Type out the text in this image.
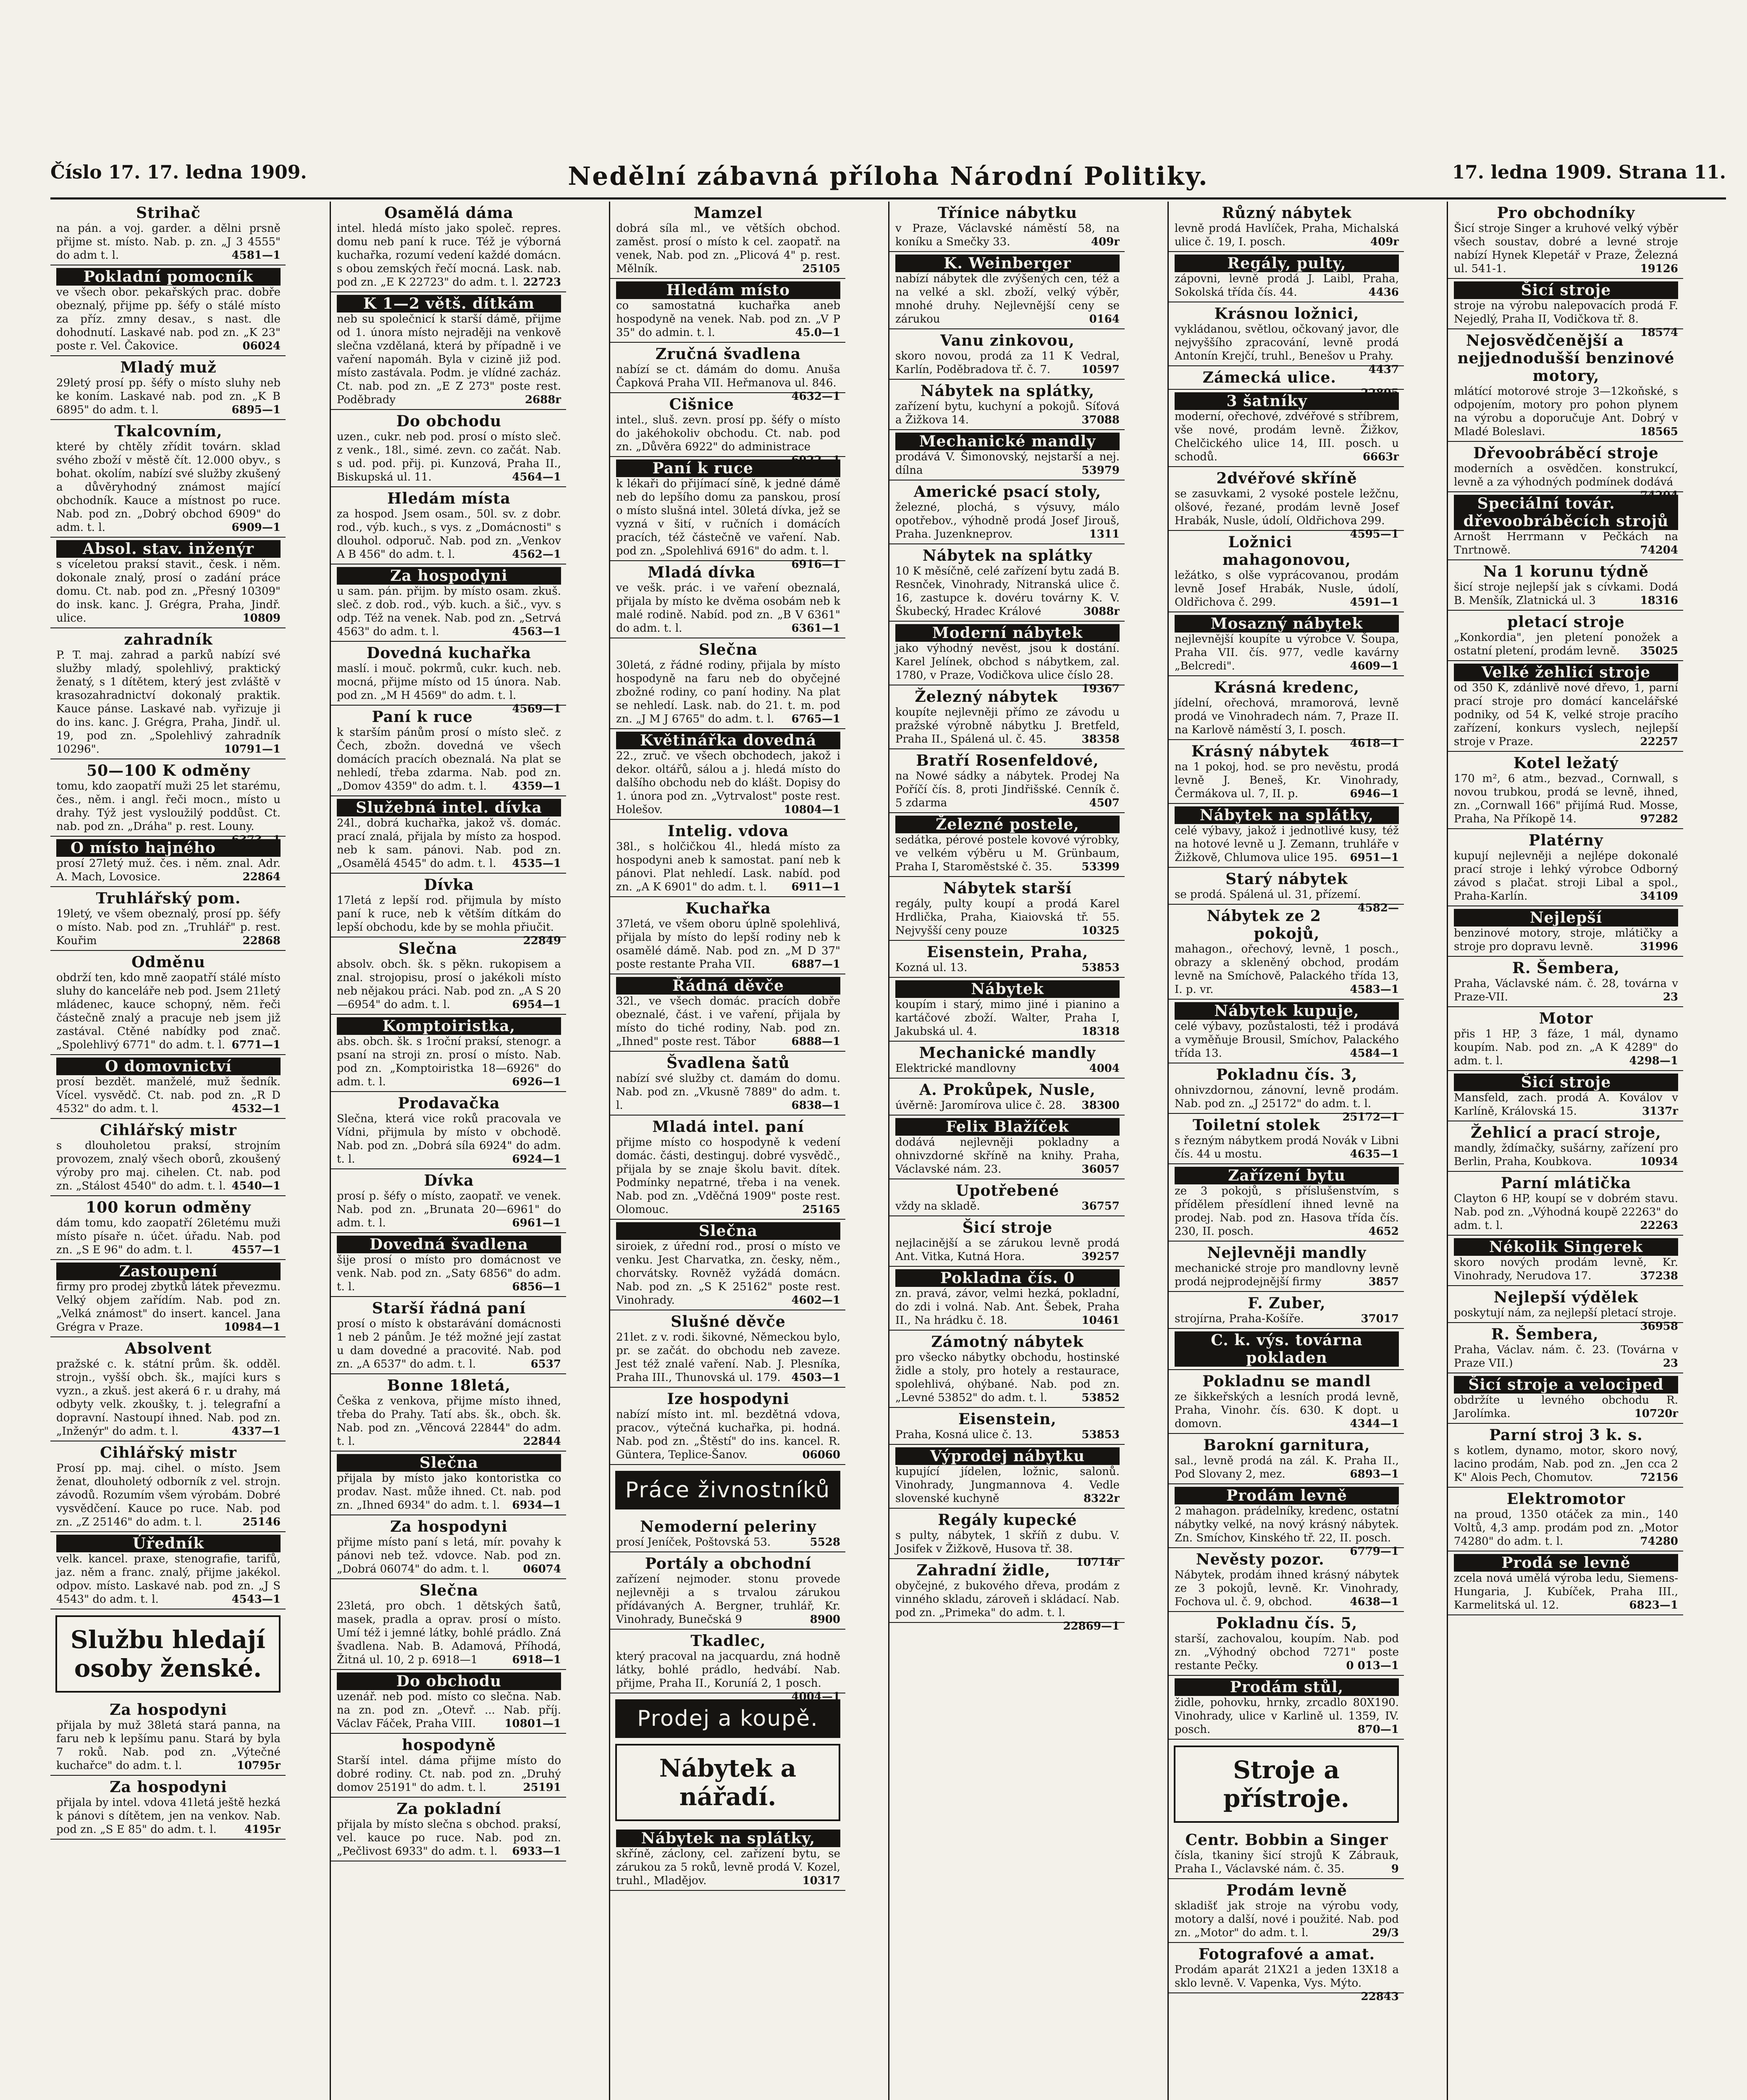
Číslo 17. 17. ledna 1909.	Nedělní zábavná příloha Národní Politiky.	17. ledna 1909. Strana 11.
Strihač
na pán. a voj. garder. a dělni prsně přijme st. místo. Nab. p. zn. „J 3 4555" do adm t. l.	4581—1
Pokladní pomocník
ve všech obor. pekařských prac. dobře obeznalý, přijme pp. šéfy o stálé místo za příz. zmny desav., s nast. dle dohodnutí. Laskavé nab. pod zn. „K 23" poste r. Vel. Čakovice.	06024
Mladý muž
29letý prosí pp. šéfy o místo sluhy neb ke koním. Laskavé nab. pod zn. „K B 6895" do adm. t. l.	6895—1
Tkalcovním,
které by chtěly zřídit továrn. sklad svého zboží v městě čít. 12.000 obyv., s bohat. okolím, nabízí své služby zkušený a důvěryhodný známost mající obchodník. Kauce a místnost po ruce. Nab. pod zn. „Dobrý obchod 6909" do adm. t. l.	6909—1
Absol. stav. inženýr
s víceletou praksí stavit., česk. i něm. dokonale znalý, prosí o zadání práce domu. Ct. nab. pod zn. „Přesný 10309" do insk. kanc. J. Grégra, Praha, Jindř. ulice.	10809
zahradník
P. T. maj. zahrad a parků nabízí své služby mladý, spolehlivý, praktický ženatý, s 1 dítětem, který jest zvláště v krasozahradnictví dokonalý praktik. Kauce pánse. Laskavé nab. vyřizuje ji do ins. kanc. J. Grégra, Praha, Jindř. ul. 19, pod zn. „Spolehlivý zahradník 10296".	10791—1
50—100 K odměny
tomu, kdo zaopatří muži 25 let starému, čes., něm. i angl. řeči mocn., místo u drahy. Týž jest vysloužilý poddůst. Ct. nab. pod zn. „Dráha" p. rest. Louny.
6373—1
O místo hajného
prosí 27letý muž. čes. i něm. znal. Adr. A. Mach, Lovosice.	22864
Truhlářský pom.
19letý, ve všem obeznalý, prosí pp. šéfy o místo. Nab. pod zn. „Truhlář" p. rest. Kouřim	22868
Odměnu
obdrží ten, kdo mně zaopatří stálé místo sluhy do kanceláře neb pod. Jsem 21letý mládenec, kauce schopný, něm. řeči částečně znalý a pracuje neb jsem již zastával. Ctěné nabídky pod znač. „Spolehlivý 6771" do adm. t. l. 6771—1
O domovnictví
prosí bezdět. manželé, muž šedník. Vícel. vysvědč. Ct. nab. pod zn. „R D 4532" do adm. t. l.	4532—1
Cihlářský mistr
s dlouholetou praksí, strojním provozem, znalý všech oborů, zkoušený výroby pro maj. cihelen. Ct. nab. pod zn. „Stálost 4540" do adm. t. l. 4540—1
100 korun odměny
dám tomu, kdo zaopatří 26letému muži místo písaře n. účet. úřadu. Nab. pod zn. „S E 96" do adm. t. l.	4557—1
Zastoupení
firmy pro prodej zbytků látek převezmu. Velký objem zařídím. Nab. pod zn. „Velká známost" do insert. kancel. Jana Grégra v Praze.	10984—1
Absolvent
pražské c. k. státní prům. šk. odděl. strojn., vyšší obch. šk., majíci kurs s vyzn., a zkuš. jest akerá 6 r. u drahy, má odbyty velk. zkoušky, t. j. telegrafní a dopravní. Nastoupí ihned. Nab. pod zn. „Inženýr" do adm. t. l.	4337—1
Cihlářský mistr
Prosí pp. maj. cihel. o místo. Jsem ženat, dlouholetý odborník z vel. strojn. závodů. Rozumím všem výrobám. Dobré vysvědčení. Kauce po ruce. Nab. pod zn. „Z 25146" do adm. t. l.	25146
Úředník
velk. kancel. praxe, stenografie, tarifů, jaz. něm a franc. znalý, přijme jakékol. odpov. místo. Laskavé nab. pod zn. „J S 4543" do adm. t. l.	4543—1
Službu hledají osoby ženské.
Za hospodyni
přijala by muž 38letá stará panna, na faru neb k lepšímu panu. Stará by byla 7 roků. Nab. pod zn. „Výtečné kuchařce" do adm. t. l.	10795r
Za hospodyni
přijala by intel. vdova 41letá ještě hezká k pánovi s dítětem, jen na venkov. Nab. pod zn. „S E 85" do adm. t. l.	4195r
Osamělá dáma
intel. hledá místo jako společ. repres. domu neb paní k ruce. Též je výborná kuchařka, rozumí vedení každé domácn. s obou zemských řečí mocná. Lask. nab. pod zn. „E K 22723" do adm. t. l. 22723
K 1—2 větš. dítkám
neb su společnicí k starší dámě, přijme od 1. února místo nejraději na venkově slečna vzdělaná, která by případně i ve vaření napomáh. Byla v cizině již pod. místo zastávala. Podm. je vlídné zacház. Ct. nab. pod zn. „E Z 273" poste rest. Poděbrady	2688r
Do obchodu
uzen., cukr. neb pod. prosí o místo sleč. z venk., 18l., simé. zevn. co začát. Nab. s ud. pod. přij. pi. Kunzová, Praha II., Biskupská ul. 11.	4564—1
Hledám místa
za hospod. Jsem osam., 50l. sv. z dobr. rod., výb. kuch., s vys. z „Domácnosti" s dlouhol. odporuč. Nab. pod zn. „Venkov A B 456" do adm. t. l.	4562—1
Za hospodyni
u sam. pán. přijm. by místo osam. zkuš. sleč. z dob. rod., výb. kuch. a šič., vyv. s odp. Též na venek. Nab. pod zn. „Setrvá 4563" do adm. t. l.	4563—1
Dovedná kuchařka
maslí. i mouč. pokrmů, cukr. kuch. neb. mocná, přijme místo od 15 února. Nab. pod zn. „M H 4569" do adm. t. l.
4569—1
Paní k ruce
k starším pánům prosí o místo sleč. z Čech, zbožn. dovedná ve všech domácích pracích obeznalá. Na plat se nehledí, třeba zdarma. Nab. pod zn. „Domov 4359" do adm. t. l.	4359—1
Služebná intel. dívka
24l., dobrá kuchařka, jakož vš. domác. prací znalá, přijala by místo za hospod. neb k sam. pánovi. Nab. pod zn. „Osamělá 4545" do adm. t. l.	4535—1
Dívka
17letá z lepší rod. přijmula by místo paní k ruce, neb k větším dítkám do lepší obchodu, kde by se mohla přiučit.
22849
Slečna
absolv. obch. šk. s pěkn. rukopisem a znal. strojopisu, prosí o jakékoli místo neb nějakou práci. Nab. pod zn. „A S 20—6954" do adm. t. l.	6954—1
Komptoiristka,
abs. obch. šk. s 1roční praksí, stenogr. a psaní na stroji zn. prosí o místo. Nab. pod zn. „Komptoiristka 18—6926" do adm. t. l.	6926—1
Prodavačka
Slečna, která vice roků pracovala ve Vídni, přijmula by místo v obchodě. Nab. pod zn. „Dobrá síla 6924" do adm. t. l.	6924—1
Dívka
prosí p. šéfy o místo, zaopatř. ve venek. Nab. pod zn. „Brunata 20—6961" do adm. t. l.	6961—1
Dovedná švadlena
šije prosí o místo pro domácnost ve venk. Nab. pod zn. „Saty 6856" do adm. t. l.	6856—1
Starší řádná paní
prosí o místo k obstarávání domácnosti 1 neb 2 pánům. Je též možné její zastat u dam dovedné a pracovité. Nab. pod zn. „A 6537" do adm. t. l.	6537
Bonne 18letá,
Češka z venkova, přijme místo ihned, třeba do Prahy. Tatí abs. šk., obch. šk. Nab. pod zn. „Věncová 22844" do adm. t. l.	22844
Slečna
přijala by místo jako kontoristka co prodav. Nast. může ihned. Ct. nab. pod zn. „Ihned 6934" do adm. t. l.	6934—1
Za hospodyni
přijme místo paní s letá, mír. povahy k pánovi neb tež. vdovce. Nab. pod zn. „Dobrá 06074" do adm. t. l.	06074
Slečna
23letá, pro obch. 1 dětských šatů, masek, pradla a oprav. prosí o místo. Umí též i jemné látky, bohlé prádlo. Zná švadlena. Nab. B. Adamová, Příhodá, Žitná ul. 10, 2 p. 6918—1	6918—1
Do obchodu
uzenář. neb pod. místo co slečna. Nab. na zn. pod zn. „Otevř. ... Nab. příj. Václav Fáček, Praha VIII.	10801—1
hospodyně
Starší intel. dáma přijme místo do dobré rodiny. Ct. nab. pod zn. „Druhý domov 25191" do adm. t. l.	25191
Za pokladní
přijala by místo slečna s obchod. praksí, vel. kauce po ruce. Nab. pod zn. „Pečlivost 6933" do adm. t. l.	6933—1
Mamzel
dobrá síla ml., ve větších obchod. zaměst. prosí o místo k cel. zaopatř. na venek, Nab. pod zn. „Plicová 4" p. rest. Mělník.	25105
Hledám místo
co samostatná kuchařka aneb hospodyně na venek. Nab. pod zn. „V P 35" do admin. t. l.	45.0—1
Zručná švadlena
nabízí se ct. dámám do domu. Anuša Čapková Praha VII. Heřmanova ul. 846.
4632—1
Cišnice
intel., sluš. zevn. prosí pp. šéfy o místo do jakéhokoliv obchodu. Ct. nab. pod zn. „Důvěra 6922" do administrace
6922—1
Paní k ruce
k lékaři do přijímací síně, k jedné dámě neb do lepšího domu za panskou, prosí o místo slušná intel. 30letá dívka, jež se vyzná v šití, v ručních i domácích pracích, též částečně ve vaření. Nab. pod zn. „Spolehlivá 6916" do adm. t. l.
6916—1
Mladá dívka
ve vešk. prác. i ve vaření obeznalá, přijala by místo ke dvěma osobám neb k malé rodině. Nabíd. pod zn. „B V 6361" do adm. t. l.	6361—1
Slečna
30letá, z řádné rodiny, přijala by místo hospodyně na faru neb do obyčejné zbožné rodiny, co paní hodiny. Na plat se nehledí. Lask. nab. do 21. t. m. pod zn. „J M J 6765" do adm. t. l.	6765—1
Květinářka dovedná
22., zruč. ve všech obchodech, jakož i dekor. oltářů, sálou a j. hledá místo do dalšího obchodu neb do klášt. Dopisy do 1. února pod zn. „Vytrvalost" poste rest. Holešov.	10804—1
Intelig. vdova
38l., s holčičkou 4l., hledá místo za hospodyni aneb k samostat. paní neb k pánovi. Plat nehledí. Lask. nabíd. pod zn. „A K 6901" do adm. t. l.	6911—1
Kuchařka
37letá, ve všem oboru úplně spolehlivá, přijala by místo do lepší rodiny neb k osamělé dámě. Nab. pod zn. „M D 37" poste restante Praha VII.	6887—1
Řádná děvče
32l., ve všech domác. pracích dobře obeznalé, část. i ve vaření, přijala by místo do tiché rodiny, Nab. pod zn. „Ihned" poste rest. Tábor	6888—1
Švadlena šatů
nabízí své služby ct. damám do domu. Nab. pod zn. „Vkusně 7889" do adm. t. l.	6838—1
Mladá intel. paní
přijme místo co hospodyně k vedení domác. části, destinguj. dobré vysvědč., přijala by se znaje školu bavit. dítek. Podmínky nepatrné, třeba i na venek. Nab. pod zn. „Vděčná 1909" poste rest. Olomouc.	25165
Slečna
siroiek, z úřední rod., prosí o místo ve venku. Jest Charvatka, zn. česky, něm., chorvátsky. Rovněž vyžádá domácn. Nab. pod zn. „S K 25162" poste rest. Vinohrady.	4602—1
Slušné děvče
21let. z v. rodi. šikovné, Německou bylo, pr. se začát. do obchodu neb zaveze. Jest též znalé vaření. Nab. J. Plesníka, Praha III., Thunovská ul. 179. 4503—1
Ize hospodyni
nabízí místo int. ml. bezdětná vdova, pracov., výtečná kuchařka, pi. hodná. Nab. pod zn. „Štěstí" do ins. kancel. R. Güntera, Teplice-Šanov.	06060
Práce živnostníků
Nemoderní peleriny
prosí Jeníček, Poštovská 53.	5528
Portály a obchodní
zařízení nejmoder. stonu provede nejlevněji a s trvalou zárukou přídávaných A. Bergner, truhlář, Kr. Vinohrady, Bunečská 9	8900
Tkadlec,
který pracoval na jacquardu, zná hodně látky, bohlé prádlo, hedvábí. Nab. přijme, Praha II., Koruníá 2, 1 posch.
4004—1
Prodej a koupě.
Nábytek a nářadí.
Nábytek na splátky,
skříně, záclony, cel. zařízení bytu, se zárukou za 5 roků, levně prodá V. Kozel, truhl., Mladějov.	10317
Třínice nábytku
v Praze, Václavské náměstí 58, na koníku a Smečky 33.	409r
K. Weinberger
nabízí nábytek dle zvýšených cen, též a na velké a skl. zboží, velký výběr, mnohé druhy. Nejlevnější ceny se zárukou	0164
Vanu zinkovou,
skoro novou, prodá za 11 K Vedral, Karlín, Poděbradova tř. č. 7.	10597
Nábytek na splátky,
zařízení bytu, kuchyní a pokojů. Síťová a Žižkova 14.	37088
Mechanické mandly
prodává V. Šimonovský, nejstarší a nej. dílna	53979
Americké psací stoly,
železné, plochá, s výsuvy, málo opotřebov., výhodně prodá Josef Jirouš, Praha. Juzenkneprov.	1311
Nábytek na splátky
10 K měsíčně, celé zařízení bytu zadá B. Resnček, Vinohrady, Nitranská ulice č. 16, zastupce k. dovéru továrny K. V. Škubecký, Hradec Králové	3088r
Moderní nábytek
jako výhodný nevěst, jsou k dostání. Karel Jelínek, obchod s nábytkem, zal. 1780, v Praze, Vodičkova ulice číslo 28.
19367
Železný nábytek
koupíte nejlevněji přímo ze závodu u pražské výrobně nábytku J. Bretfeld, Praha II., Spálená ul. č. 45.	38358
Bratří Rosenfeldové,
na Nowé sádky a nábytek. Prodej Na Poříčí čís. 8, proti Jindřišské. Cenník č. 5 zdarma	4507
Železné postele,
sedátka, pérové postele kovové výrobky, ve velkém výběru u M. Grünbaum, Praha I, Staroměstské č. 35.	53399
Nábytek starší
regály, pulty koupí a prodá Karel Hrdlička, Praha, Kiaiovská tř. 55. Nejvyšší ceny pouze	10325
Eisenstein, Praha,
Kozná ul. 13.	53853
Nábytek
koupím i starý, mimo jiné i pianino a kartáčové zboží. Walter, Praha I, Jakubská ul. 4.	18318
Mechanické mandly
Elektrické mandlovny	4004
A. Prokůpek, Nusle,
úvěrně: Jaromírova ulice č. 28.	38300
Felix Blažíček
dodává nejlevněji pokladny a ohnivzdorné skříně na knihy. Praha, Václavské nám. 23.	36057
Upotřebené
vždy na skladě.	36757
Šicí stroje
nejlacinější a se zárukou levně prodá Ant. Vitka, Kutná Hora.	39257
Pokladna čís. 0
zn. pravá, závor, velmi hezká, pokladní, do zdi i volná. Nab. Ant. Šebek, Praha II., Na hrádku č. 18.	10461
Zámotný nábytek
pro všecko nábytky obchodu, hostinské židle a stoly, pro hotely a restaurace, spolehlivá, ohýbané. Nab. pod zn. „Levné 53852" do adm. t. l.	53852
Eisenstein,
Praha, Kosná ulice č. 13.	53853
Výprodej nábytku
kupující jídelen, ložnic, salonů. Vinohrady, Jungmannova 4. Vedle slovenské kuchyně	8322r
Regály kupecké
s pulty, nábytek, 1 skříň z dubu. V. Josifek v Žižkově, Husova tř. 38.
10714r
Zahradní židle,
obyčejné, z bukového dřeva, prodám z vinného skladu, zároveň i skládací. Nab. pod zn. „Primeka" do adm. t. l.
22869—1
Různý nábytek
levně prodá Havlíček, Praha, Michalská ulice č. 19, I. posch.	409r
Regály, pulty,
zápovni, levně prodá J. Laibl, Praha, Sokolská třída čís. 44.	4436
Krásnou ložnici,
vykládanou, světlou, očkovaný javor, dle nejvyššího zpracování, levně prodá Antonín Krejčí, truhl., Benešov u Prahy.
4437
Zámecká ulice.
22805
3 šatníky
moderní, ořechové, zdvéřové s stříbrem, vše nové, prodám levně. Žižkov, Chelčického ulice 14, III. posch. u schodů.	6663r
2dvéřové skříně
se zasuvkami, 2 vysoké postele ležčnu, olšové, řezané, prodám levně Josef Hrabák, Nusle, údolí, Oldřichova 299.
4595—1
Ložnici mahagonovou,
ležátko, s olše vyprácovanou, prodám levně Josef Hrabák, Nusle, údolí, Oldřichova č. 299.	4591—1
Mosazný nábytek
nejlevnější koupíte u výrobce V. Šoupa, Praha VII. čís. 977, vedle kavárny „Belcredi".	4609—1
Krásná kredenc,
jídelní, ořechová, mramorová, levně prodá ve Vinohradech nám. 7, Praze II. na Karlově náměstí 3, I. posch.
4618—1
Krásný nábytek
na 1 pokoj, hod. se pro nevěstu, prodá levně J. Beneš, Kr. Vinohrady, Čermákova ul. 7, II. p.	6946—1
Nábytek na splátky,
celé výbavy, jakož i jednotlivé kusy, též na hotové levně u J. Zemann, truhláře v Žižkově, Chlumova ulice 195.	6951—1
Starý nábytek
se prodá. Spálená ul. 31, přízemí.
4582—
Nábytek ze 2 pokojů,
mahagon., ořechový, levně, 1 posch., obrazy a skleněný obchod, prodám levně na Smíchově, Palackého třída 13, I. p. vr.	4583—1
Nábytek kupuje,
celé výbavy, pozůstalosti, též i prodává a vyměňuje Brousil, Smíchov, Palackého třída 13.	4584—1
Pokladnu čís. 3,
ohnivzdornou, zánovní, levně prodám. Nab. pod zn. „J 25172" do adm. t. l.
25172—1
Toiletní stolek
s řezným nábytkem prodá Novák v Libni čís. 44 u mostu.	4635—1
Zařízení bytu
ze 3 pokojů, s příslušenstvím, s přídělem přesídlení ihned levně na prodej. Nab. pod zn. Hasova třída čís. 230, II. posch.	4652
Nejlevněji mandly
mechanické stroje pro mandlovny levně prodá nejprodejnější firmy	3857
F. Zuber,
strojírna, Praha-Košíře.	37017
C. k. výs. továrna pokladen
Pokladnu se mandl
ze šikkeřských a lesních prodá levně, Praha, Vinohr. čís. 630. K dopt. u domovn.	4344—1
Barokní garnitura,
sal., levně prodá na zál. K. Praha II., Pod Slovany 2, mez.	6893—1
Prodám levně
2 mahagon. prádelníky, kredenc, ostatní nábytky velké, na nový krásný nábytek. Zn. Smíchov, Kinského tř. 22, II. posch.
6779—1
Nevěsty pozor.
Nábytek, prodám ihned krásný nábytek ze 3 pokojů, levně. Kr. Vinohrady, Fochova ul. č. 9, obchod.	4638—1
Pokladnu čís. 5,
starší, zachovalou, koupím. Nab. pod zn. „Výhodný obchod 7271" poste restante Pečky.	0 013—1
Prodám stůl,
židle, pohovku, hrnky, zrcadlo 80X190. Vinohrady, ulice v Karlině ul. 1359, IV. posch.	870—1
Stroje a přístroje.
Centr. Bobbin a Singer
čísla, tkaniny šicí strojů K Zábrauk, Praha I., Václavské nám. č. 35.	9
Prodám levně
skladišť jak stroje na výrobu vody, motory a další, nové i použité. Nab. pod zn. „Motor" do adm. t. l.	29/3
Fotografové a amat.
Prodám aparát 21X21 a jeden 13X18 a sklo levně. V. Vapenka, Vys. Mýto.
22843
Pro obchodníky
Šicí stroje Singer a kruhové velký výběr všech soustav, dobré a levné stroje nabízí Hynek Klepetář v Praze, Železná ul. 541-1.	19126
Šicí stroje
stroje na výrobu nalepovacích prodá F. Nejedlý, Praha II, Vodičkova tř. 8.
18574
Nejosvědčenější a nejjednodušší benzinové motory,
mlátící motorové stroje 3—12koňské, s odpojením, motory pro pohon plynem na výrobu a doporučuje Ant. Dobrý v Mladé Boleslavi.	18565
Dřevoobráběcí stroje
moderních a osvědčen. konstrukcí, levně a za výhodných podmínek dodává
74204
Speciální továr. dřevoobráběcích strojů
Arnošt Herrmann v Pečkách na Tnrtnowě.	74204
Na 1 korunu týdně
šicí stroje nejlepší jak s cívkami. Dodá B. Menšík, Zlatnická ul. 3	18316
pletací stroje
„Konkordia", jen pletení ponožek a ostatní pletení, prodám levně.	35025
Velké žehlicí stroje
od 350 K, zdánlivě nové dřevo, 1, parní prací stroje pro domácí kancelářské podniky, od 54 K, velké stroje pracího zařízení, konkurs vyslech, nejlepší stroje v Praze.	22257
Kotel ležatý
170 m², 6 atm., bezvad., Cornwall, s novou trubkou, prodá se levně, ihned, zn. „Cornwall 166" přijímá Rud. Mosse, Praha, Na Příkopě 14.	97282
Platérny
kupují nejlevněji a nejlépe dokonalé prací stroje i lehký výrobce Odborný závod s plačat. stroji Libal a spol., Praha-Karlín.	34109
Nejlepší
benzinové motory, stroje, mlátičky a stroje pro dopravu levně.	31996
R. Šembera,
Praha, Václavské nám. č. 28, továrna v Praze-VII.	23
Motor
přis 1 HP, 3 fáze, 1 mál, dynamo koupím. Nab. pod zn. „A K 4289" do adm. t. l.	4298—1
Šicí stroje
Mansfeld, zach. prodá A. Koválov v Karlíně, Královská 15.	3137r
Žehlicí a prací stroje,
mandly, ždímačky, sušárny, zařízení pro Berlin, Praha, Koubkova.	10934
Parní mlátička
Clayton 6 HP, koupí se v dobrém stavu. Nab. pod zn. „Výhodná koupě 22263" do adm. t. l.	22263
Nékolik Singerek
skoro nových prodám levně, Kr. Vinohrady, Nerudova 17.	37238
Nejlepší výdělek
poskytují nám, za nejlepší pletací stroje.
36958
R. Šembera,
Praha, Václav. nám. č. 23. (Továrna v Praze VII.)	23
Šicí stroje a velociped
obdržíte u levného obchodu R. Jarolímka.	10720r
Parní stroj 3 k. s.
s kotlem, dynamo, motor, skoro nový, lacino prodám, Nab. pod zn. „Jen cca 2 K" Alois Pech, Chomutov.	72156
Elektromotor
na proud, 1350 otáček za min., 140 Voltů, 4,3 amp. prodám pod zn. „Motor 74280" do adm. t. l.	74280
Prodá se levně
zcela nová umělá výroba ledu, Siemens-Hungaria, J. Kubíček, Praha III., Karmelitská ul. 12.	6823—1
